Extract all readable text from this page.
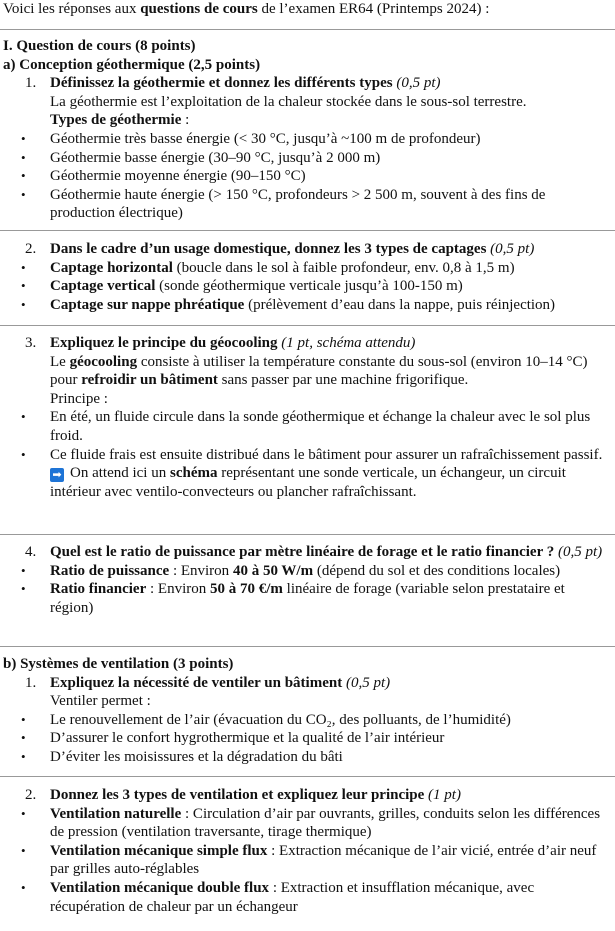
Voici les réponses aux questions de cours de l’examen ER64 (Printemps 2024) :
I. Question de cours (8 points)
a) Conception géothermique (2,5 points)
1. Définissez la géothermie et donnez les différents types (0,5 pt)
La géothermie est l’exploitation de la chaleur stockée dans le sous-sol terrestre.
Types de géothermie :
• Géothermie très basse énergie (< 30 °C, jusqu’à ~100 m de profondeur)
• Géothermie basse énergie (30–90 °C, jusqu’à 2 000 m)
• Géothermie moyenne énergie (90–150 °C)
• Géothermie haute énergie (> 150 °C, profondeurs > 2 500 m, souvent à des fins de production électrique)
2. Dans le cadre d’un usage domestique, donnez les 3 types de captages (0,5 pt)
• Captage horizontal (boucle dans le sol à faible profondeur, env. 0,8 à 1,5 m)
• Captage vertical (sonde géothermique verticale jusqu’à 100-150 m)
• Captage sur nappe phréatique (prélèvement d’eau dans la nappe, puis réinjection)
3. Expliquez le principe du géocooling (1 pt, schéma attendu)
Le géocooling consiste à utiliser la température constante du sous-sol (environ 10–14 °C) pour refroidir un bâtiment sans passer par une machine frigorifique.
Principe :
• En été, un fluide circule dans la sonde géothermique et échange la chaleur avec le sol plus froid.
• Ce fluide frais est ensuite distribué dans le bâtiment pour assurer un rafraîchissement passif.
➡ On attend ici un schéma représentant une sonde verticale, un échangeur, un circuit intérieur avec ventilo-convecteurs ou plancher rafraîchissant.
4. Quel est le ratio de puissance par mètre linéaire de forage et le ratio financier ? (0,5 pt)
• Ratio de puissance : Environ 40 à 50 W/m (dépend du sol et des conditions locales)
• Ratio financier : Environ 50 à 70 €/m linéaire de forage (variable selon prestataire et région)
b) Systèmes de ventilation (3 points)
1. Expliquez la nécessité de ventiler un bâtiment (0,5 pt)
Ventiler permet :
• Le renouvellement de l’air (évacuation du CO₂, des polluants, de l’humidité)
• D’assurer le confort hygrothermique et la qualité de l’air intérieur
• D’éviter les moisissures et la dégradation du bâti
2. Donnez les 3 types de ventilation et expliquez leur principe (1 pt)
• Ventilation naturelle : Circulation d’air par ouvrants, grilles, conduits selon les différences de pression (ventilation traversante, tirage thermique)
• Ventilation mécanique simple flux : Extraction mécanique de l’air vicié, entrée d’air neuf par grilles auto-réglables
• Ventilation mécanique double flux : Extraction et insufflation mécanique, avec récupération de chaleur par un échangeur
